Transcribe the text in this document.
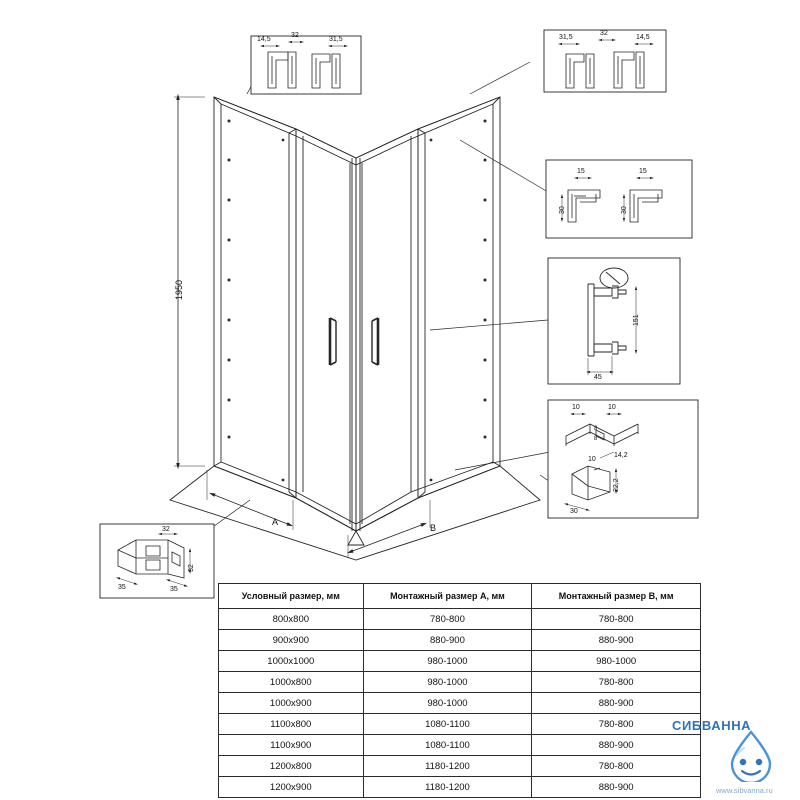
1950
A
B
14,5
32
31,5	31,5
32
14,5
15	15
30	30
151
45
10	10
8
8
10
14,2
22,2
30
32
32
35	35
Условный размер, мм	Монтажный размер А, мм	Монтажный размер В, мм
800х800	780-800	780-800
900х900	880-900	880-900
1000х1000	980-1000	980-1000
1000х800	980-1000	780-800
1000х900	980-1000	880-900
1100х800	1080-1100	780-800
1100х900	1080-1100	880-900
1200х800	1180-1200	780-800
1200х900	1180-1200	880-900
СИБВАННА
www.sibvanna.ru
